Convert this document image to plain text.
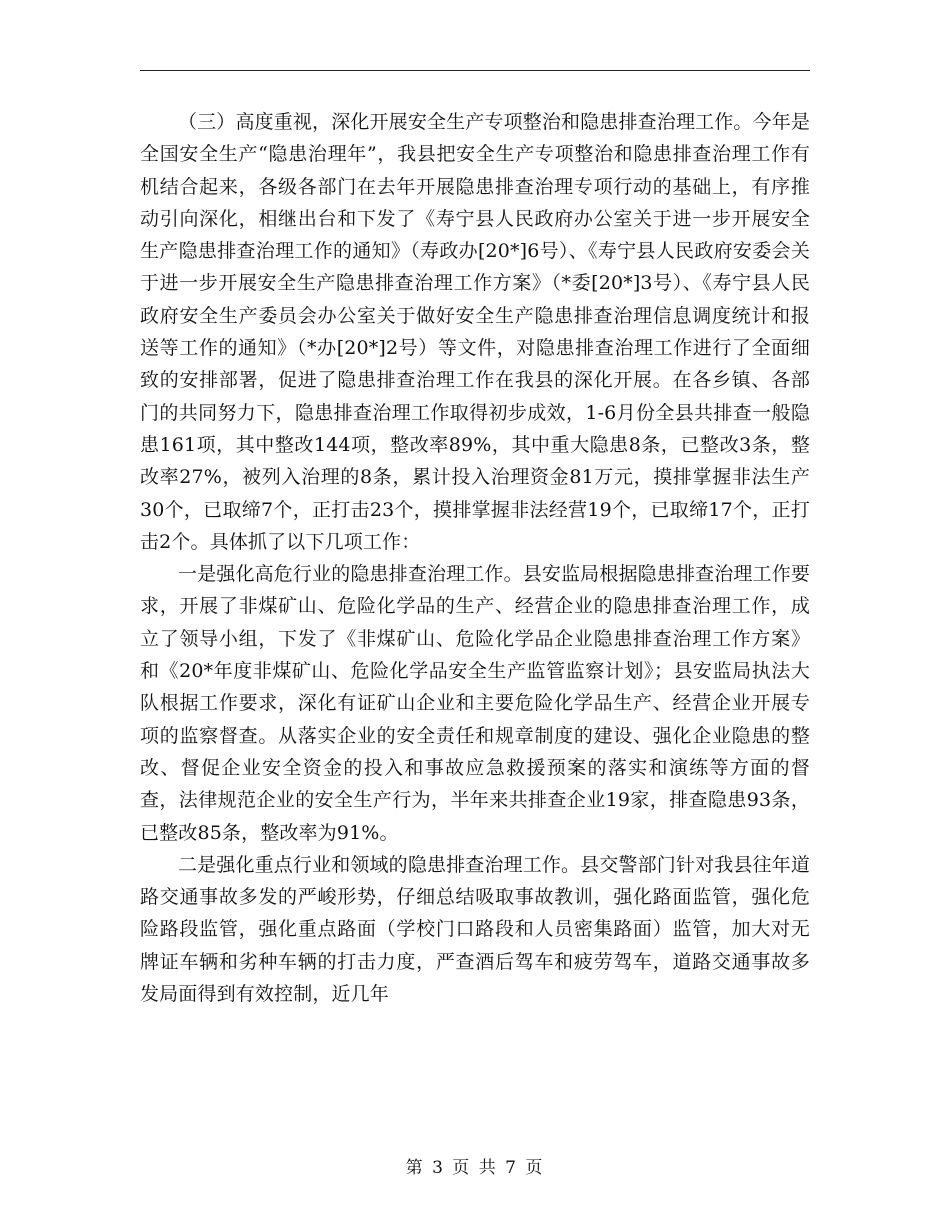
（三）高度重视，深化开展安全生产专项整治和隐患排查治理工作。今年是全国安全生产“隐患治理年”，我县把安全生产专项整治和隐患排查治理工作有机结合起来，各级各部门在去年开展隐患排查治理专项行动的基础上，有序推动引向深化，相继出台和下发了《寿宁县人民政府办公室关于进一步开展安全生产隐患排查治理工作的通知》（寿政办[20*]6号）、《寿宁县人民政府安委会关于进一步开展安全生产隐患排查治理工作方案》（*委[20*]3号）、《寿宁县人民政府安全生产委员会办公室关于做好安全生产隐患排查治理信息调度统计和报送等工作的通知》（*办[20*]2号）等文件，对隐患排查治理工作进行了全面细致的安排部署，促进了隐患排查治理工作在我县的深化开展。在各乡镇、各部门的共同努力下，隐患排查治理工作取得初步成效，1-6月份全县共排查一般隐患161项，其中整改144项，整改率89%，其中重大隐患8条，已整改3条，整改率27%，被列入治理的8条，累计投入治理资金81万元，摸排掌握非法生产30个，已取缔7个，正打击23个，摸排掌握非法经营19个，已取缔17个，正打击2个。具体抓了以下几项工作：

一是强化高危行业的隐患排查治理工作。县安监局根据隐患排查治理工作要求，开展了非煤矿山、危险化学品的生产、经营企业的隐患排查治理工作，成立了领导小组，下发了《非煤矿山、危险化学品企业隐患排查治理工作方案》和《20*年度非煤矿山、危险化学品安全生产监管监察计划》；县安监局执法大队根据工作要求，深化有证矿山企业和主要危险化学品生产、经营企业开展专项的监察督查。从落实企业的安全责任和规章制度的建设、强化企业隐患的整改、督促企业安全资金的投入和事故应急救援预案的落实和演练等方面的督查，法律规范企业的安全生产行为，半年来共排查企业19家，排查隐患93条，已整改85条，整改率为91%。

二是强化重点行业和领域的隐患排查治理工作。县交警部门针对我县往年道路交通事故多发的严峻形势，仔细总结吸取事故教训，强化路面监管，强化危险路段监管，强化重点路面（学校门口路段和人员密集路面）监管，加大对无牌证车辆和劣种车辆的打击力度，严查酒后驾车和疲劳驾车，道路交通事故多发局面得到有效控制，近几年

第 3 页 共 7 页
